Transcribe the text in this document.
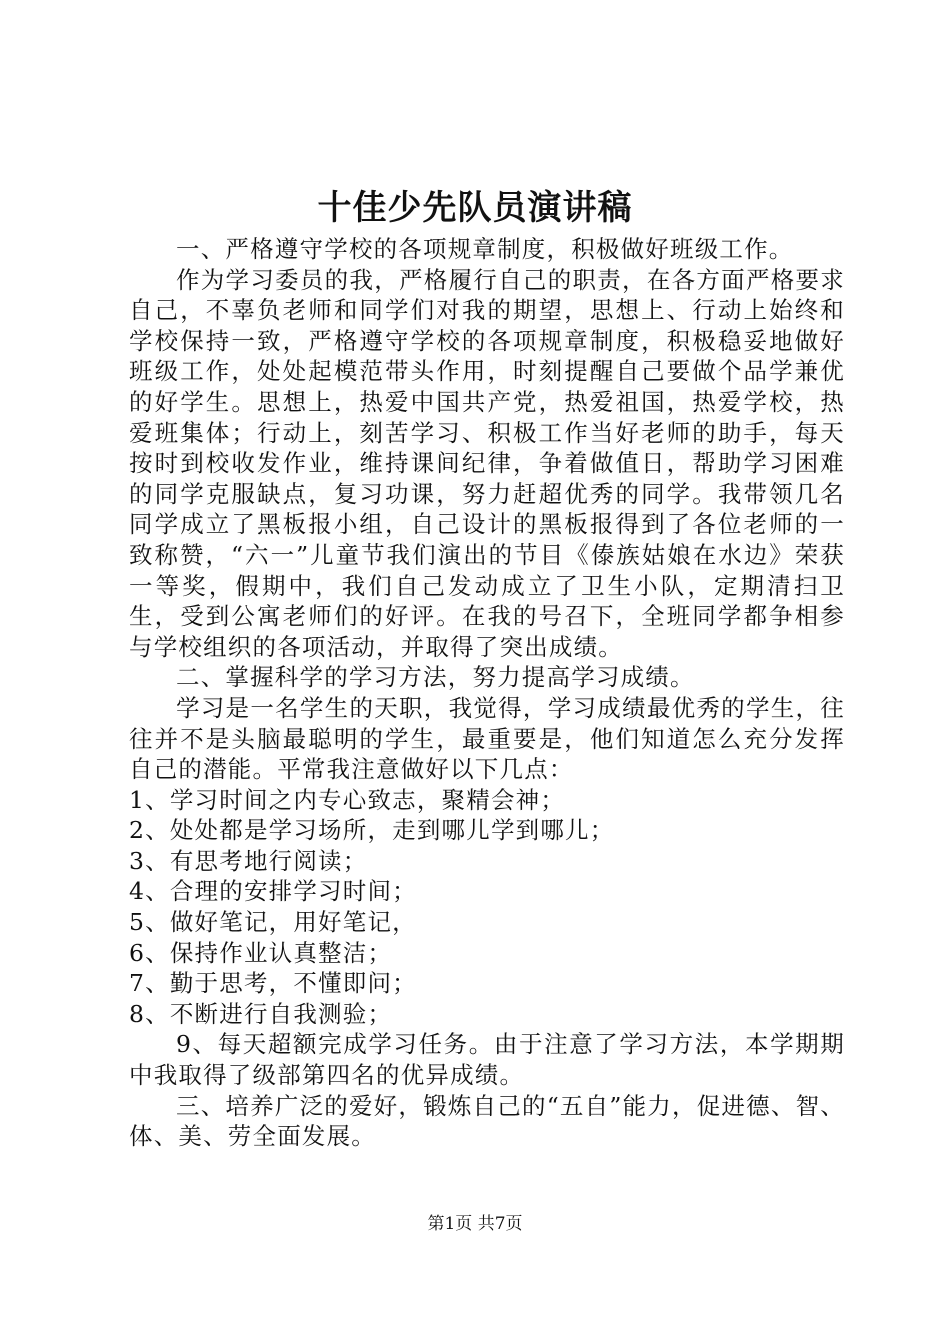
十佳少先队员演讲稿

一、严格遵守学校的各项规章制度，积极做好班级工作。

作为学习委员的我，严格履行自己的职责，在各方面严格要求自己，不辜负老师和同学们对我的期望，思想上、行动上始终和学校保持一致，严格遵守学校的各项规章制度，积极稳妥地做好班级工作，处处起模范带头作用，时刻提醒自己要做个品学兼优的好学生。思想上，热爱中国共产党，热爱祖国，热爱学校，热爱班集体；行动上，刻苦学习、积极工作当好老师的助手，每天按时到校收发作业，维持课间纪律，争着做值日，帮助学习困难的同学克服缺点，复习功课，努力赶超优秀的同学。我带领几名同学成立了黑板报小组，自己设计的黑板报得到了各位老师的一致称赞，“六一”儿童节我们演出的节目《傣族姑娘在水边》荣获一等奖，假期中，我们自己发动成立了卫生小队，定期清扫卫生，受到公寓老师们的好评。在我的号召下，全班同学都争相参与学校组织的各项活动，并取得了突出成绩。

二、掌握科学的学习方法，努力提高学习成绩。

学习是一名学生的天职，我觉得，学习成绩最优秀的学生，往往并不是头脑最聪明的学生，最重要是，他们知道怎么充分发挥自己的潜能。平常我注意做好以下几点：

1、学习时间之内专心致志，聚精会神；

2、处处都是学习场所，走到哪儿学到哪儿；

3、有思考地行阅读；

4、合理的安排学习时间；

5、做好笔记，用好笔记，

6、保持作业认真整洁；

7、勤于思考，不懂即问；

8、不断进行自我测验；

9、每天超额完成学习任务。由于注意了学习方法，本学期期中我取得了级部第四名的优异成绩。

三、培养广泛的爱好，锻炼自己的“五自”能力，促进德、智、体、美、劳全面发展。

第1页 共7页
